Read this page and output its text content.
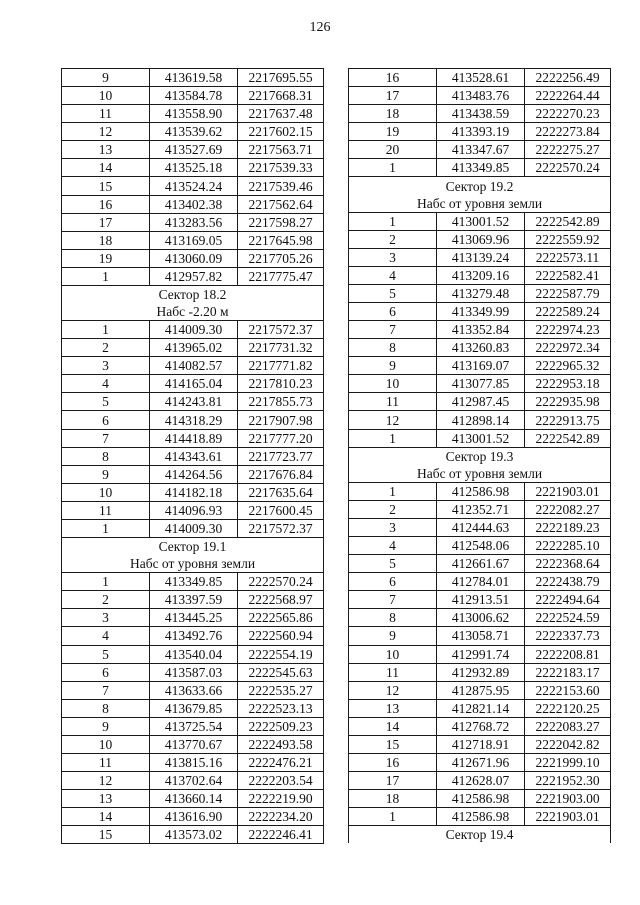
126
9	413619.58	2217695.55
10	413584.78	2217668.31
11	413558.90	2217637.48
12	413539.62	2217602.15
13	413527.69	2217563.71
14	413525.18	2217539.33
15	413524.24	2217539.46
16	413402.38	2217562.64
17	413283.56	2217598.27
18	413169.05	2217645.98
19	413060.09	2217705.26
1	412957.82	2217775.47
Сектор 18.2		
Набс -2.20 м		
1	414009.30	2217572.37
2	413965.02	2217731.32
3	414082.57	2217771.82
4	414165.04	2217810.23
5	414243.81	2217855.73
6	414318.29	2217907.98
7	414418.89	2217777.20
8	414343.61	2217723.77
9	414264.56	2217676.84
10	414182.18	2217635.64
11	414096.93	2217600.45
1	414009.30	2217572.37
Сектор 19.1		
Набс от уровня земли		
1	413349.85	2222570.24
2	413397.59	2222568.97
3	413445.25	2222565.86
4	413492.76	2222560.94
5	413540.04	2222554.19
6	413587.03	2222545.63
7	413633.66	2222535.27
8	413679.85	2222523.13
9	413725.54	2222509.23
10	413770.67	2222493.58
11	413815.16	2222476.21
12	413702.64	2222203.54
13	413660.14	2222219.90
14	413616.90	2222234.20
15	413573.02	2222246.41
16	413528.61	2222256.49
17	413483.76	2222264.44
18	413438.59	2222270.23
19	413393.19	2222273.84
20	413347.67	2222275.27
1	413349.85	2222570.24
Сектор 19.2		
Набс от уровня земли		
1	413001.52	2222542.89
2	413069.96	2222559.92
3	413139.24	2222573.11
4	413209.16	2222582.41
5	413279.48	2222587.79
6	413349.99	2222589.24
7	413352.84	2222974.23
8	413260.83	2222972.34
9	413169.07	2222965.32
10	413077.85	2222953.18
11	412987.45	2222935.98
12	412898.14	2222913.75
1	413001.52	2222542.89
Сектор 19.3		
Набс от уровня земли		
1	412586.98	2221903.01
2	412352.71	2222082.27
3	412444.63	2222189.23
4	412548.06	2222285.10
5	412661.67	2222368.64
6	412784.01	2222438.79
7	412913.51	2222494.64
8	413006.62	2222524.59
9	413058.71	2222337.73
10	412991.74	2222208.81
11	412932.89	2222183.17
12	412875.95	2222153.60
13	412821.14	2222120.25
14	412768.72	2222083.27
15	412718.91	2222042.82
16	412671.96	2221999.10
17	412628.07	2221952.30
18	412586.98	2221903.00
1	412586.98	2221903.01
Сектор 19.4		
